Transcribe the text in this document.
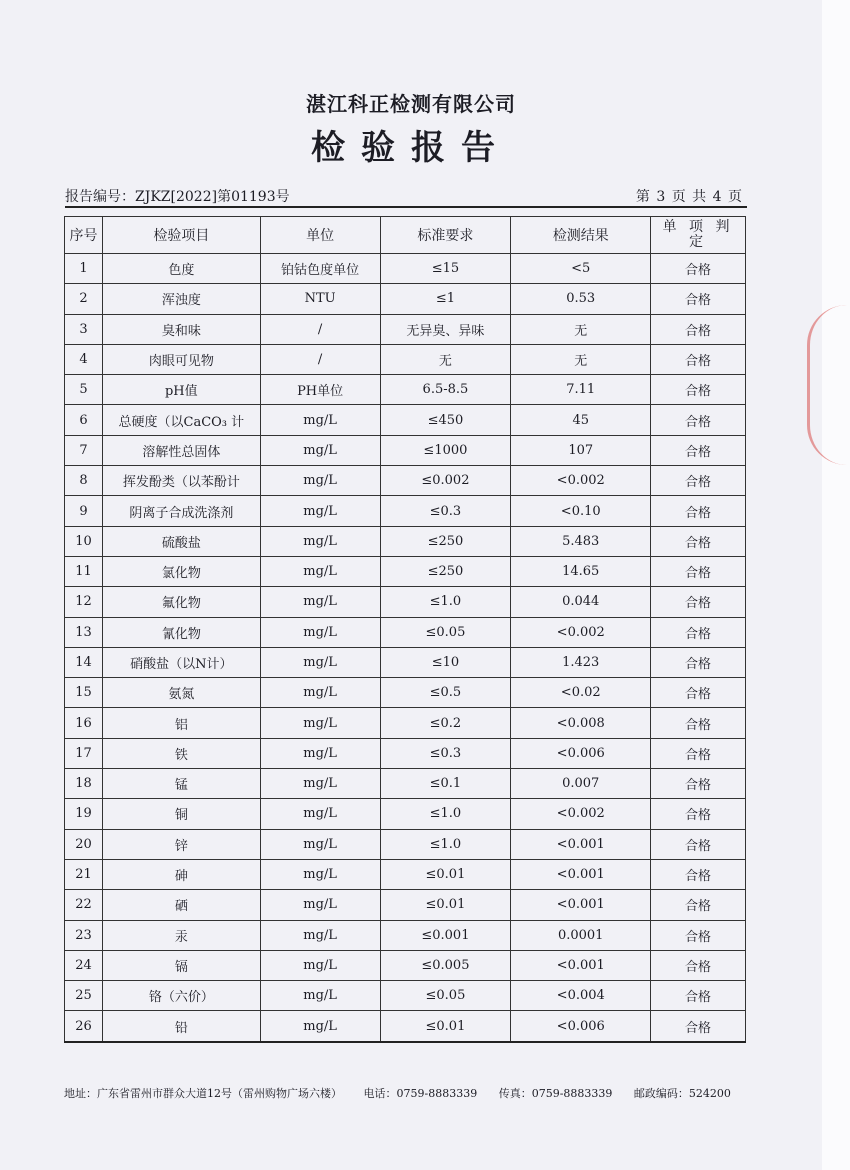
湛江科正检测有限公司
检验报告
报告编号：ZJKZ[2022]第01193号	第 3 页 共 4 页
序号	检验项目	单位	标准要求	检测结果	单 项 判 定
1	色度	铂钴色度单位	≤15	<5	合格
2	浑浊度	NTU	≤1	0.53	合格
3	臭和味	/	无异臭、异味	无	合格
4	肉眼可见物	/	无	无	合格
5	pH值	PH单位	6.5-8.5	7.11	合格
6	总硬度（以CaCO₃ 计	mg/L	≤450	45	合格
7	溶解性总固体	mg/L	≤1000	107	合格
8	挥发酚类（以苯酚计	mg/L	≤0.002	<0.002	合格
9	阴离子合成洗涤剂	mg/L	≤0.3	<0.10	合格
10	硫酸盐	mg/L	≤250	5.483	合格
11	氯化物	mg/L	≤250	14.65	合格
12	氟化物	mg/L	≤1.0	0.044	合格
13	氰化物	mg/L	≤0.05	<0.002	合格
14	硝酸盐（以N计）	mg/L	≤10	1.423	合格
15	氨氮	mg/L	≤0.5	<0.02	合格
16	铝	mg/L	≤0.2	<0.008	合格
17	铁	mg/L	≤0.3	<0.006	合格
18	锰	mg/L	≤0.1	0.007	合格
19	铜	mg/L	≤1.0	<0.002	合格
20	锌	mg/L	≤1.0	<0.001	合格
21	砷	mg/L	≤0.01	<0.001	合格
22	硒	mg/L	≤0.01	<0.001	合格
23	汞	mg/L	≤0.001	0.0001	合格
24	镉	mg/L	≤0.005	<0.001	合格
25	铬（六价）	mg/L	≤0.05	<0.004	合格
26	铅	mg/L	≤0.01	<0.006	合格
地址：广东省雷州市群众大道12号（雷州购物广场六楼） 电话：0759-8883339 传真：0759-8883339 邮政编码：524200
